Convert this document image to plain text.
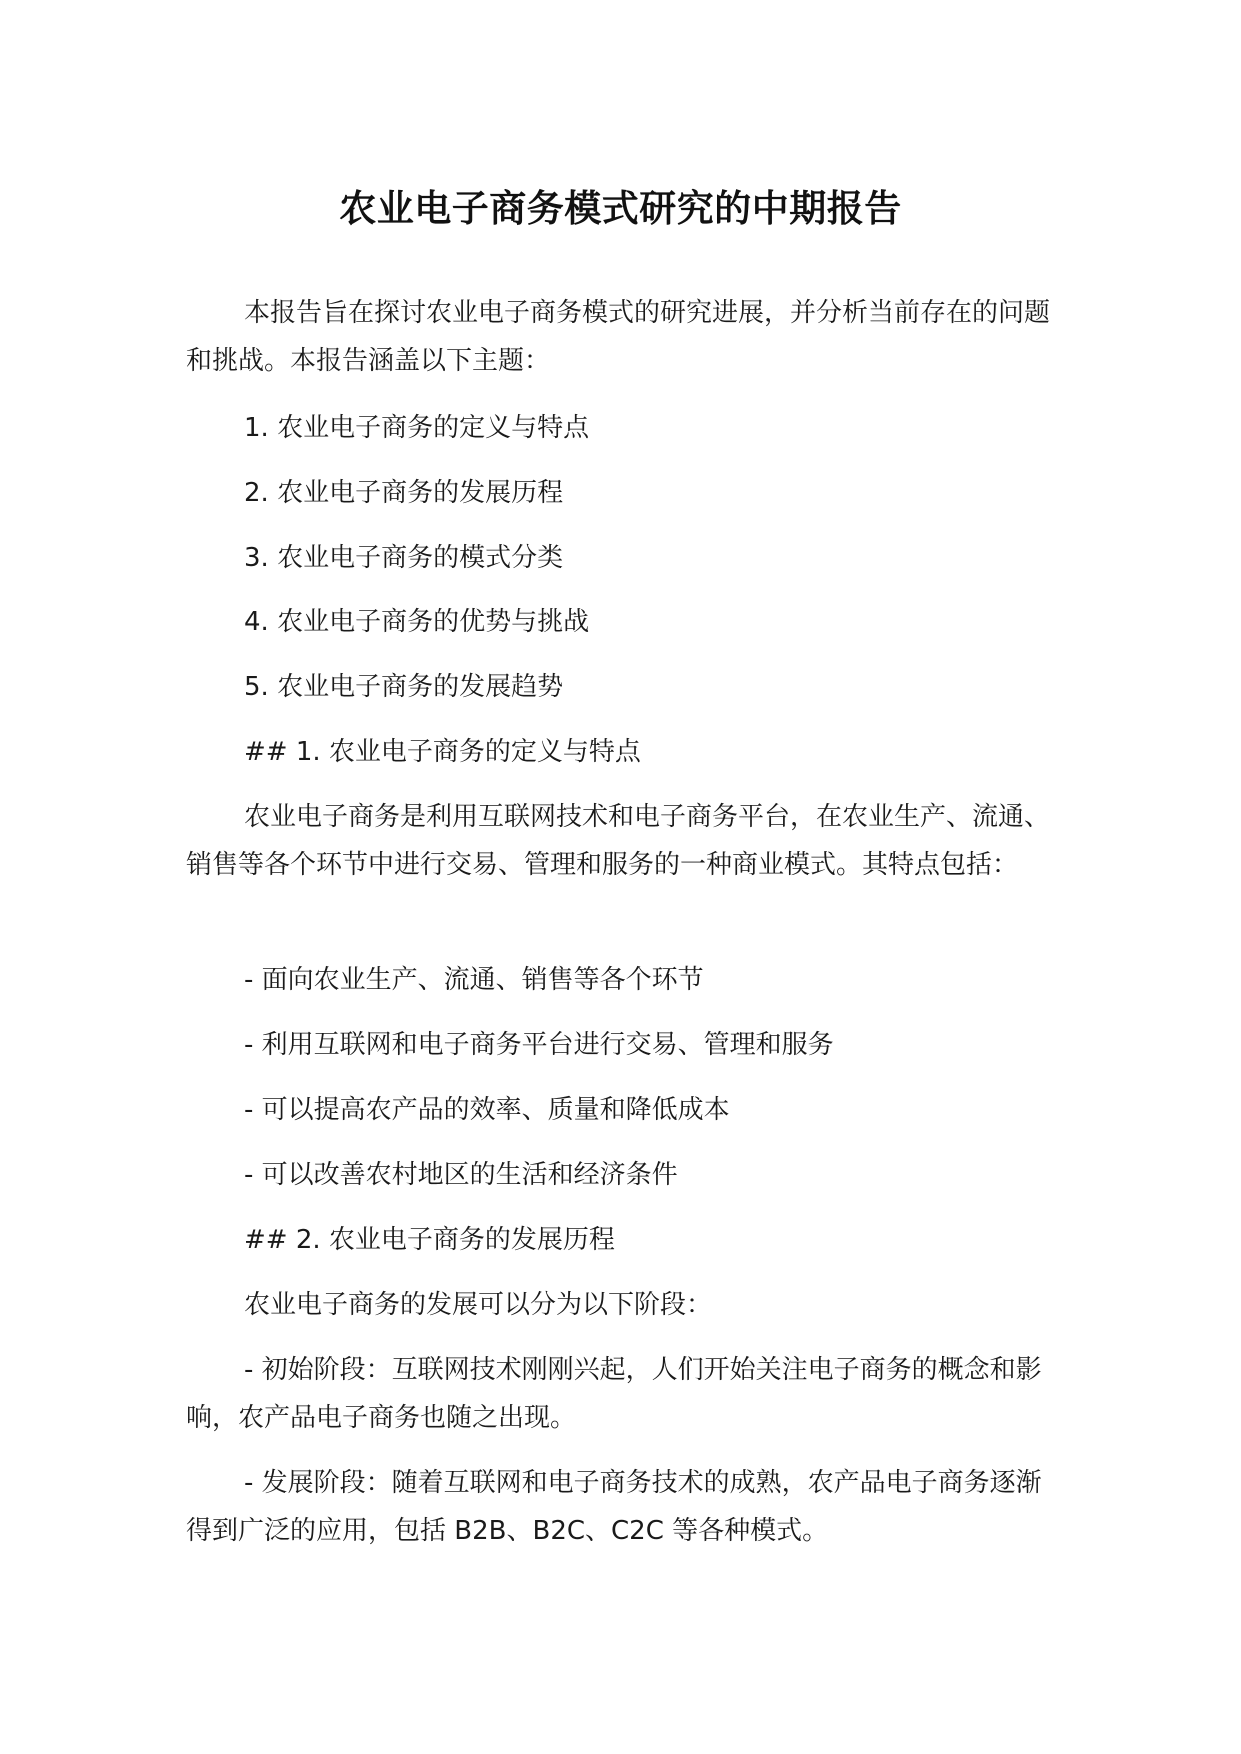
农业电子商务模式研究的中期报告

本报告旨在探讨农业电子商务模式的研究进展，并分析当前存在的问题和挑战。本报告涵盖以下主题：

1. 农业电子商务的定义与特点

2. 农业电子商务的发展历程

3. 农业电子商务的模式分类

4. 农业电子商务的优势与挑战

5. 农业电子商务的发展趋势

## 1. 农业电子商务的定义与特点

农业电子商务是利用互联网技术和电子商务平台，在农业生产、流通、销售等各个环节中进行交易、管理和服务的一种商业模式。其特点包括：

- 面向农业生产、流通、销售等各个环节

- 利用互联网和电子商务平台进行交易、管理和服务

- 可以提高农产品的效率、质量和降低成本

- 可以改善农村地区的生活和经济条件

## 2. 农业电子商务的发展历程

农业电子商务的发展可以分为以下阶段：

- 初始阶段：互联网技术刚刚兴起，人们开始关注电子商务的概念和影响，农产品电子商务也随之出现。

- 发展阶段：随着互联网和电子商务技术的成熟，农产品电子商务逐渐得到广泛的应用，包括 B2B、B2C、C2C 等各种模式。
